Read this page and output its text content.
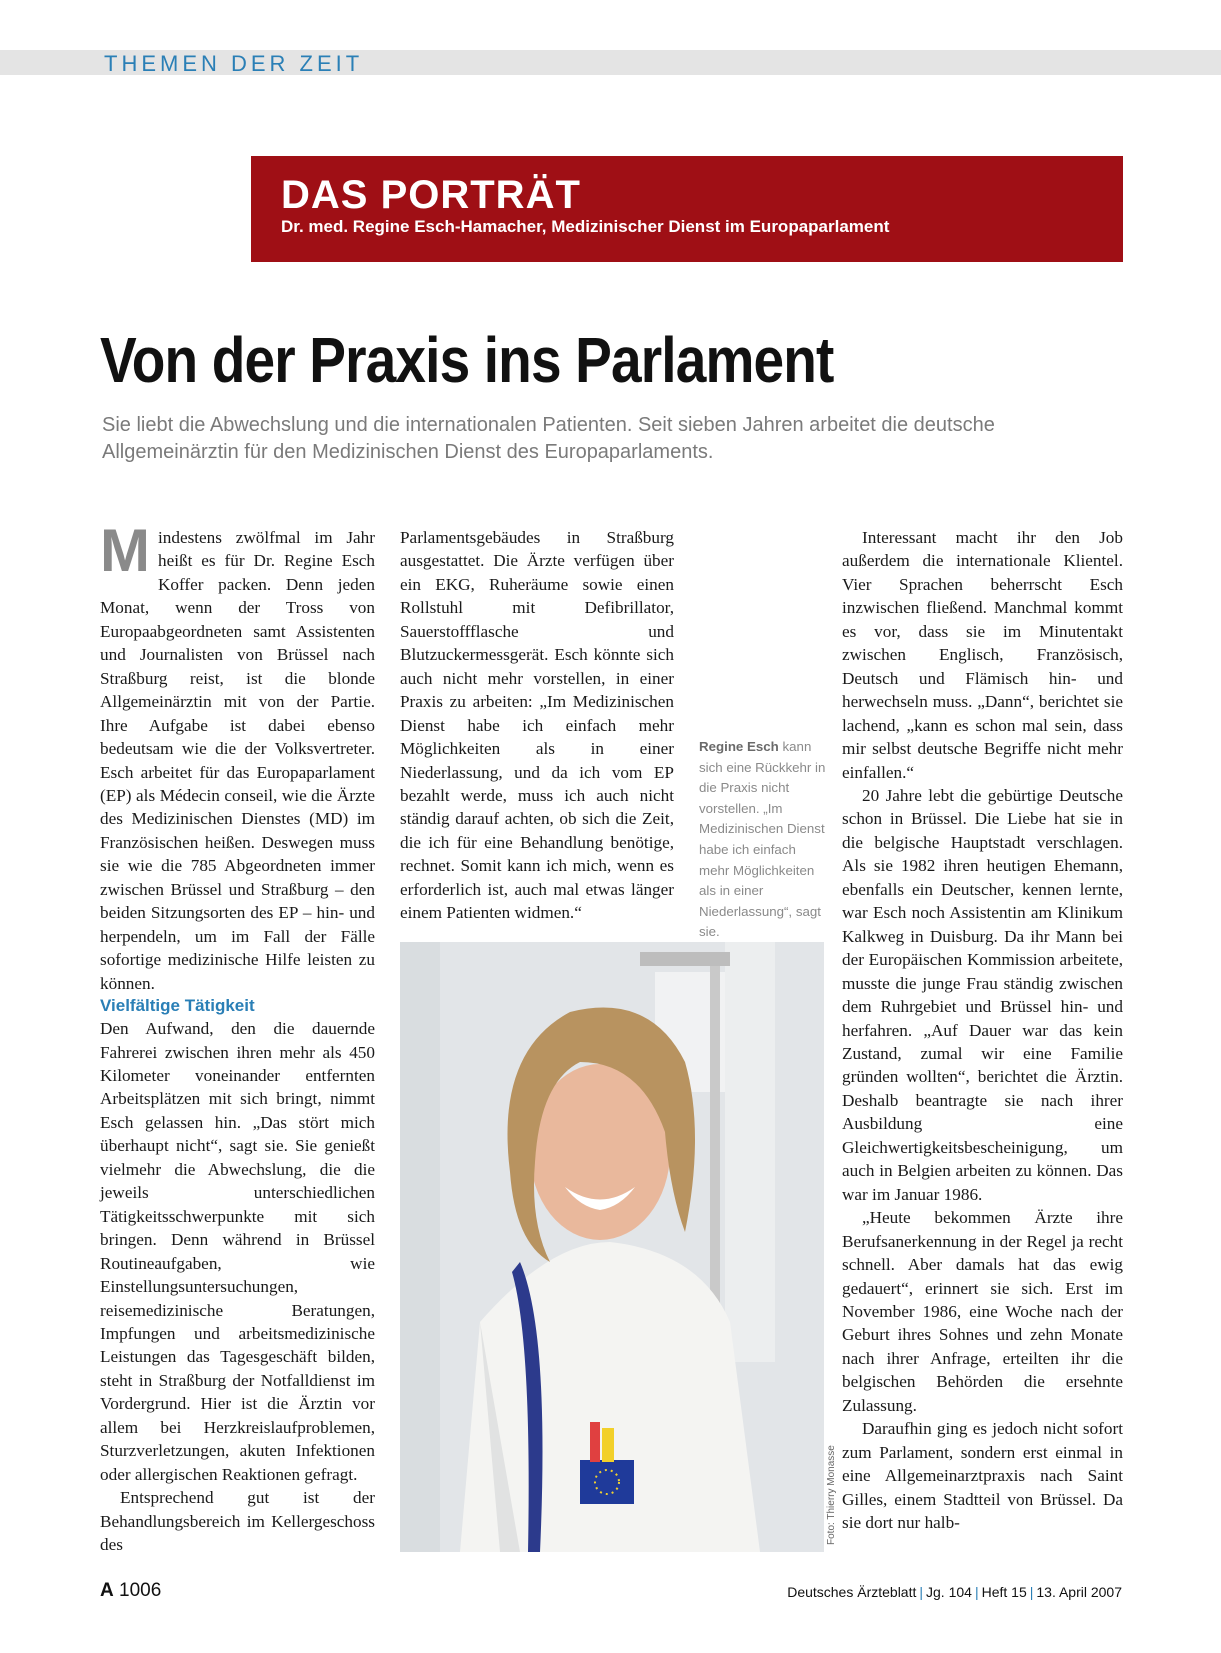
THEMEN DER ZEIT
DAS PORTRÄT
Dr. med. Regine Esch-Hamacher, Medizinischer Dienst im Europaparlament
Von der Praxis ins Parlament
Sie liebt die Abwechslung und die internationalen Patienten. Seit sieben Jahren arbeitet die deutsche Allgemeinärztin für den Medizinischen Dienst des Europaparlaments.

Mindestens zwölfmal im Jahr heißt es für Dr. Regine Esch Koffer packen. Denn jeden Monat, wenn der Tross von Europaabgeordneten samt Assistenten und Journalisten von Brüssel nach Straßburg reist, ist die blonde Allgemeinärztin mit von der Partie. Ihre Aufgabe ist dabei ebenso bedeutsam wie die der Volksvertreter. Esch arbeitet für das Europaparlament (EP) als Médecin conseil, wie die Ärzte des Medizinischen Dienstes (MD) im Französischen heißen. Deswegen muss sie wie die 785 Abgeordneten immer zwischen Brüssel und Straßburg – den beiden Sitzungsorten des EP – hin- und herpendeln, um im Fall der Fälle sofortige medizinische Hilfe leisten zu können.

Vielfältige Tätigkeit

Den Aufwand, den die dauernde Fahrerei zwischen ihren mehr als 450 Kilometer voneinander entfernten Arbeitsplätzen mit sich bringt, nimmt Esch gelassen hin. „Das stört mich überhaupt nicht“, sagt sie. Sie genießt vielmehr die Abwechslung, die die jeweils unterschiedlichen Tätigkeitsschwerpunkte mit sich bringen. Denn während in Brüssel Routineaufgaben, wie Einstellungsuntersuchungen, reisemedizinische Beratungen, Impfungen und arbeitsmedizinische Leistungen das Tagesgeschäft bilden, steht in Straßburg der Notfalldienst im Vordergrund. Hier ist die Ärztin vor allem bei Herzkreislaufproblemen, Sturzverletzungen, akuten Infektionen oder allergischen Reaktionen gefragt.

Entsprechend gut ist der Behandlungsbereich im Kellergeschoss des

Parlamentsgebäudes in Straßburg ausgestattet. Die Ärzte verfügen über ein EKG, Ruheräume sowie einen Rollstuhl mit Defibrillator, Sauerstoffflasche und Blutzuckermessgerät. Esch könnte sich auch nicht mehr vorstellen, in einer Praxis zu arbeiten: „Im Medizinischen Dienst habe ich einfach mehr Möglichkeiten als in einer Niederlassung, und da ich vom EP bezahlt werde, muss ich auch nicht ständig darauf achten, ob sich die Zeit, die ich für eine Behandlung benötige, rechnet. Somit kann ich mich, wenn es erforderlich ist, auch mal etwas länger einem Patienten widmen.“

Regine Esch kann sich eine Rückkehr in die Praxis nicht vorstellen. „Im Medizinischen Dienst habe ich einfach mehr Möglichkeiten als in einer Niederlassung“, sagt sie.
Foto: Thierry Monasse

Interessant macht ihr den Job außerdem die internationale Klientel. Vier Sprachen beherrscht Esch inzwischen fließend. Manchmal kommt es vor, dass sie im Minutentakt zwischen Englisch, Französisch, Deutsch und Flämisch hin- und herwechseln muss. „Dann“, berichtet sie lachend, „kann es schon mal sein, dass mir selbst deutsche Begriffe nicht mehr einfallen.“

20 Jahre lebt die gebürtige Deutsche schon in Brüssel. Die Liebe hat sie in die belgische Hauptstadt verschlagen. Als sie 1982 ihren heutigen Ehemann, ebenfalls ein Deutscher, kennen lernte, war Esch noch Assistentin am Klinikum Kalkweg in Duisburg. Da ihr Mann bei der Europäischen Kommission arbeitete, musste die junge Frau ständig zwischen dem Ruhrgebiet und Brüssel hin- und herfahren. „Auf Dauer war das kein Zustand, zumal wir eine Familie gründen wollten“, berichtet die Ärztin. Deshalb beantragte sie nach ihrer Ausbildung eine Gleichwertigkeitsbescheinigung, um auch in Belgien arbeiten zu können. Das war im Januar 1986.

„Heute bekommen Ärzte ihre Berufsanerkennung in der Regel ja recht schnell. Aber damals hat das ewig gedauert“, erinnert sie sich. Erst im November 1986, eine Woche nach der Geburt ihres Sohnes und zehn Monate nach ihrer Anfrage, erteilten ihr die belgischen Behörden die ersehnte Zulassung.

Daraufhin ging es jedoch nicht sofort zum Parlament, sondern erst einmal in eine Allgemeinarztpraxis nach Saint Gilles, einem Stadtteil von Brüssel. Da sie dort nur halb-

A 1006	Deutsches Ärzteblatt | Jg. 104 | Heft 15 | 13. April 2007
